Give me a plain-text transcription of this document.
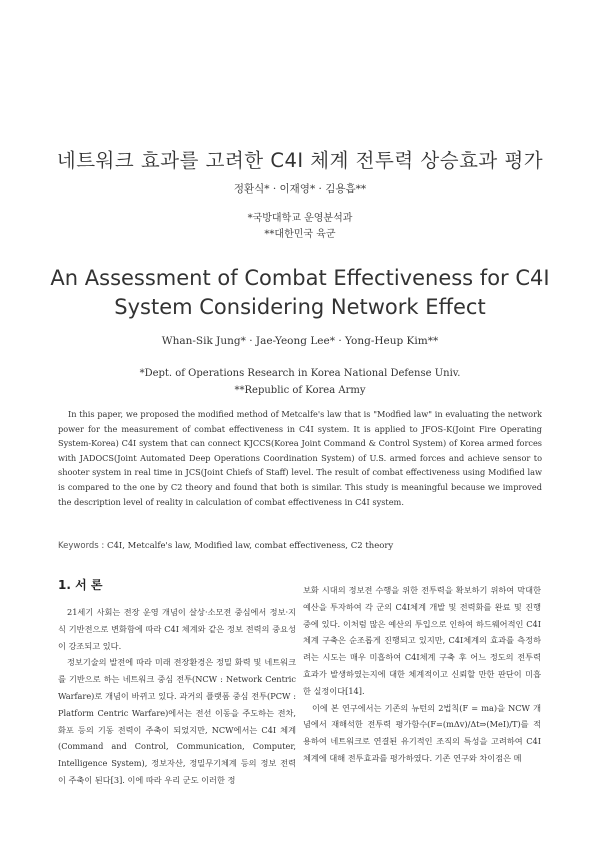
네트워크 효과를 고려한 C4I 체계 전투력 상승효과 평가
정환식* · 이재영* · 김용흡**
*국방대학교 운영분석과
**대한민국 육군
An Assessment of Combat Effectiveness for C4I
System Considering Network Effect
Whan-Sik Jung* · Jae-Yeong Lee* · Yong-Heup Kim**
*Dept. of Operations Research in Korea National Defense Univ.
**Republic of Korea Army

In this paper, we proposed the modified method of Metcalfe's law that is "Modfied law" in evaluating the network power for the measurement of combat effectiveness in C4I system. It is applied to JFOS-K(Joint Fire Operating System-Korea) C4I system that can connect KJCCS(Korea Joint Command & Control System) of Korea armed forces with JADOCS(Joint Automated Deep Operations Coordination System) of U.S. armed forces and achieve sensor to shooter system in real time in JCS(Joint Chiefs of Staff) level. The result of combat effectiveness using Modified law is compared to the one by C2 theory and found that both is similar. This study is meaningful because we improved the description level of reality in calculation of combat effectiveness in C4I system.

Keywords : C4I, Metcalfe's law, Modified law, combat effectiveness, C2 theory
1. 서 론

21세기 사회는 전장 운영 개념이 살상·소모전 중심에서 정보·지식 기반전으로 변화함에 따라 C4I 체계와 같은 정보 전력의 중요성이 강조되고 있다.

정보기술의 발전에 따라 미래 전장환경은 정밀 화력 및 네트워크를 기반으로 하는 네트워크 중심 전투(NCW : Network Centric Warfare)로 개념이 바뀌고 있다. 과거의 플랫폼 중심 전투(PCW : Platform Centric Warfare)에서는 전선 이동을 주도하는 전차, 화포 등의 기동 전력이 주축이 되었지만, NCW에서는 C4I 체계(Command and Control, Communication, Computer, Intelligence System), 정보자산, 정밀무기체계 등의 정보 전력이 주축이 된다[3]. 이에 따라 우리 군도 이러한 정

보화 시대의 정보전 수행을 위한 전투력을 확보하기 위하여 막대한 예산을 투자하여 각 군의 C4I체계 개발 및 전력화를 완료 및 진행 중에 있다. 이처럼 많은 예산의 투입으로 인하여 하드웨어적인 C4I체계 구축은 순조롭게 진행되고 있지만, C4I체계의 효과를 측정하려는 시도는 매우 미흡하여 C4I체계 구축 후 어느 정도의 전투력 효과가 발생하였는지에 대한 체계적이고 신뢰할 만한 판단이 미흡한 실정이다[14].

이에 본 연구에서는 기존의 뉴턴의 2법칙(F = ma)을 NCW 개념에서 재해석한 전투력 평가함수(F=(mΔv)/Δt⇒(MeI)/T)를 적용하여 네트워크로 연결된 유기적인 조직의 특성을 고려하여 C4I 체계에 대해 전투효과를 평가하였다. 기존 연구와 차이점은 메
